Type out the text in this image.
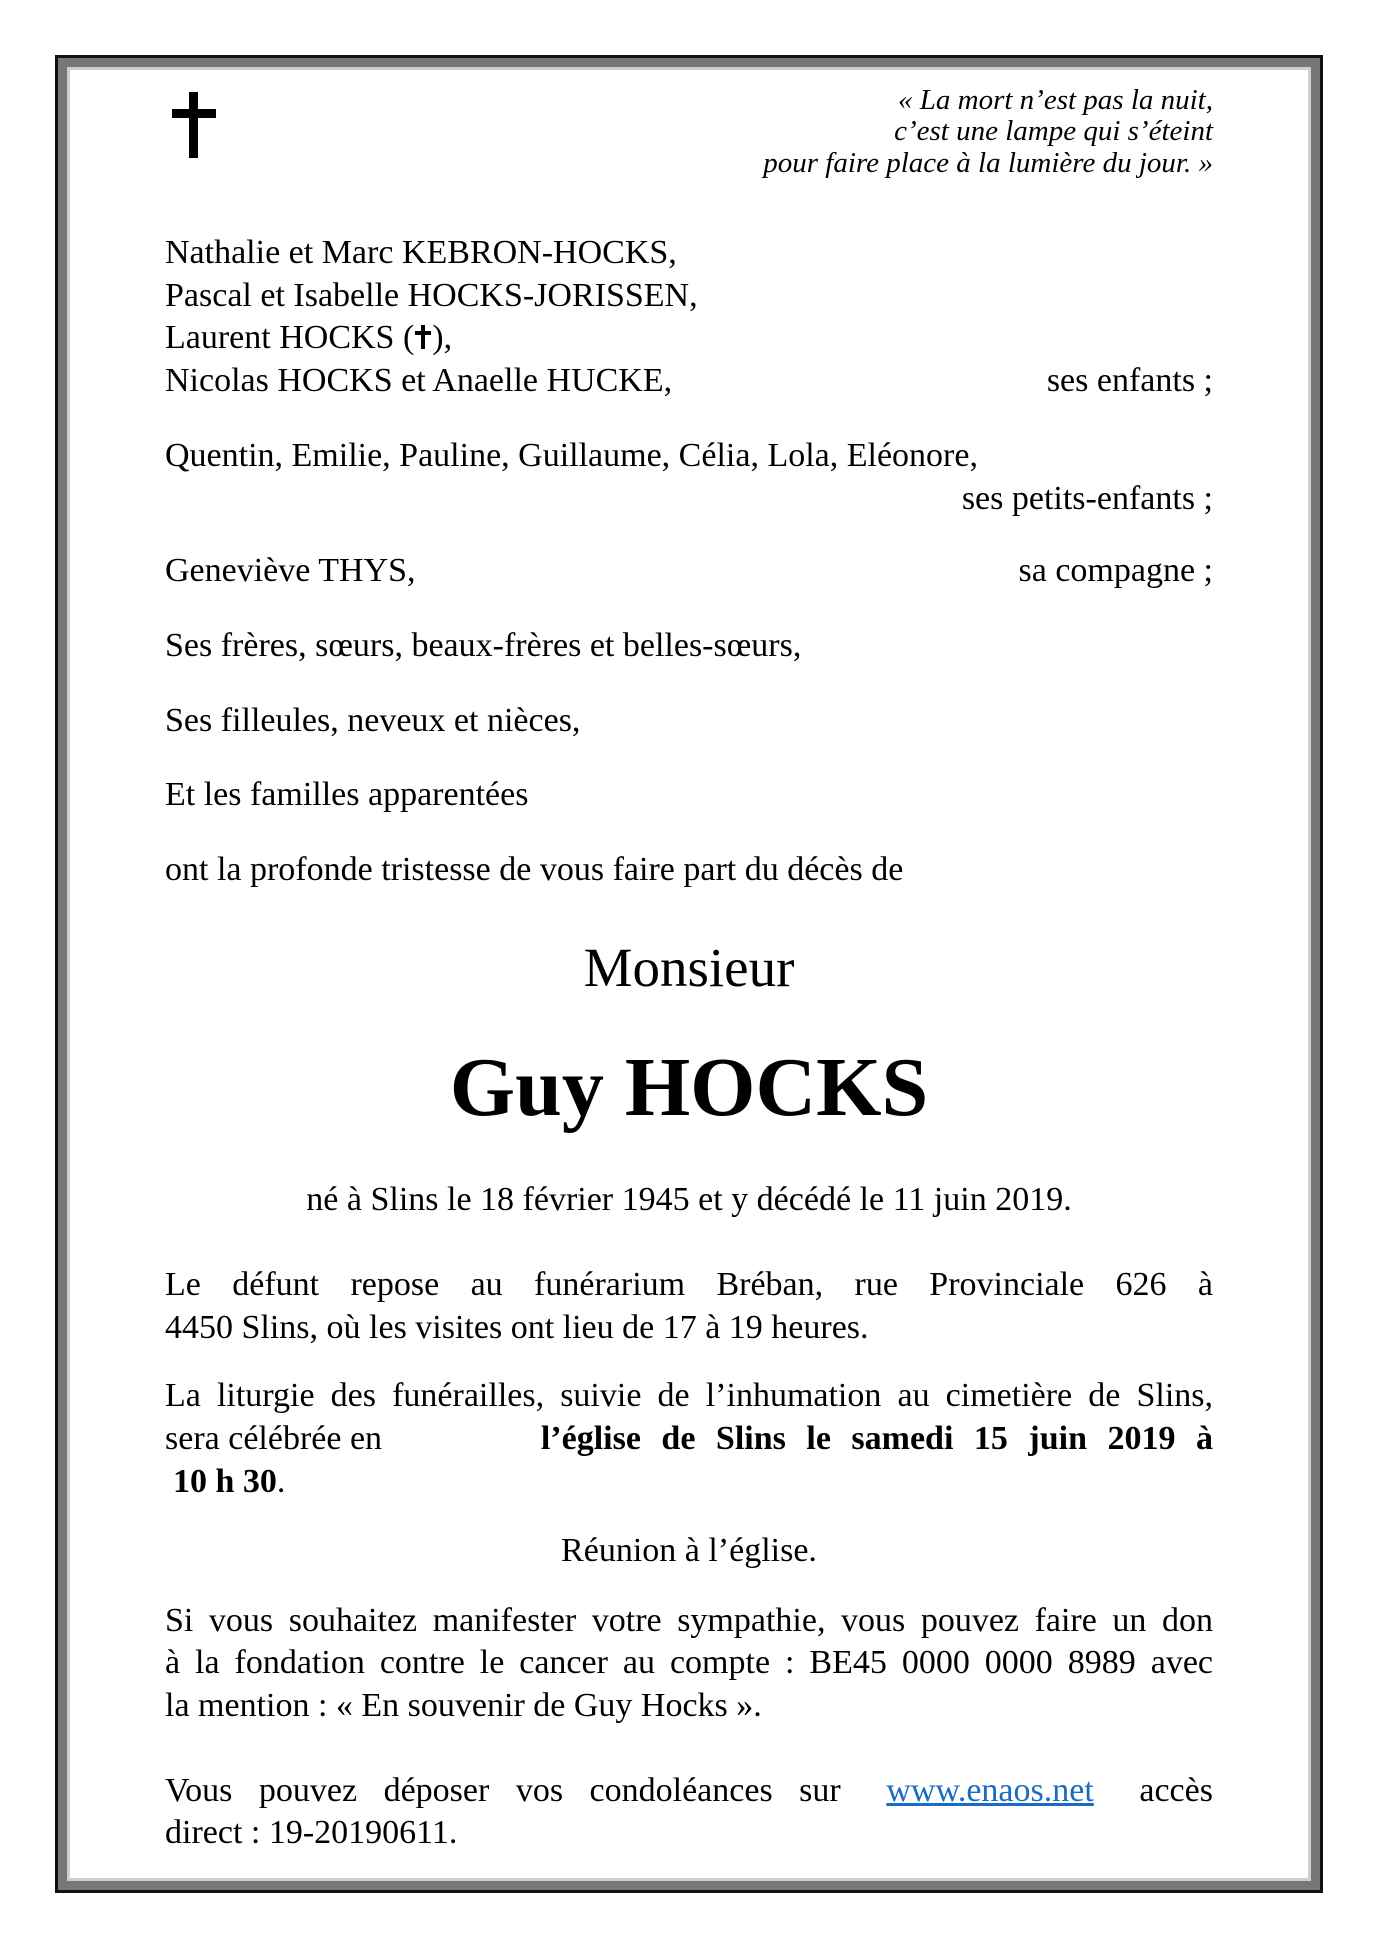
« La mort n’est pas la nuit,
c’est une lampe qui s’éteint
pour faire place à la lumière du jour. »
Nathalie et Marc KEBRON-HOCKS,
Pascal et Isabelle HOCKS-JORISSEN,
Laurent HOCKS ( ),
Nicolas HOCKS et Anaelle HUCKE,	ses enfants ;
Quentin, Emilie, Pauline, Guillaume, Célia, Lola, Eléonore,
ses petits-enfants ;
Geneviève THYS,	sa compagne ;
Ses frères, sœurs, beaux-frères et belles-sœurs,
Ses filleules, neveux et nièces,
Et les familles apparentées
ont la profonde tristesse de vous faire part du décès de
Monsieur
Guy HOCKS
né à Slins le 18 février 1945 et y décédé le 11 juin 2019.
Le défunt repose au funérarium Bréban, rue Provinciale 626 à
4450 Slins, où les visites ont lieu de 17 à 19 heures.
La liturgie des funérailles, suivie de l’inhumation au cimetière de Slins,
sera célébrée en	l’église de Slins le samedi 15 juin 2019 à
10 h 30.
Réunion à l’église.
Si vous souhaitez manifester votre sympathie, vous pouvez faire un don
à la fondation contre le cancer au compte : BE45 0000 0000 8989 avec
la mention : « En souvenir de Guy Hocks ».
Vous pouvez déposer vos condoléances sur www.enaos.net accès
direct : 19-20190611.
